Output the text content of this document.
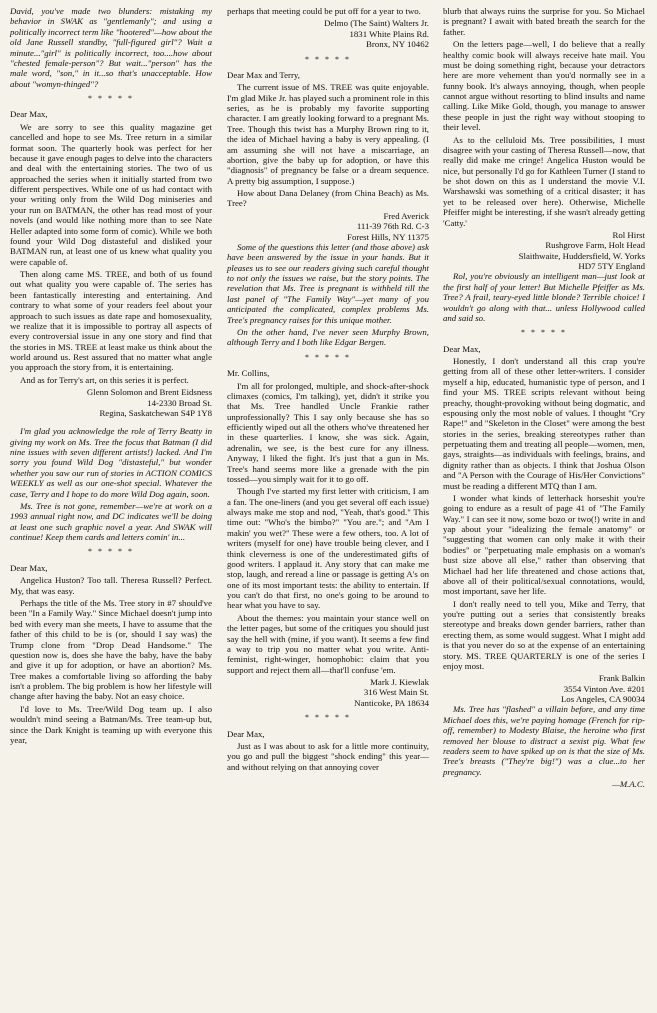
David, you've made two blunders: mistaking my behavior in SWAK as "gentlemanly"; and using a politically incorrect term like "hootered"—how about the old Jane Russell standby, "full-figured girl"? Wait a minute..."girl" is politically incorrect, too....how about "chested female-person"? But wait..."person" has the male word, "son," in it...so that's unacceptable. How about "womyn-thinged"?

* * * * *

Dear Max,

We are sorry to see this quality magazine get cancelled and hope to see Ms. Tree return in a similar format soon. The quarterly book was perfect for her because it gave enough pages to delve into the characters and deal with the entertaining stories. The two of us approached the series when it initially started from two different perspectives. While one of us had contact with your writing only from the Wild Dog miniseries and your run on BATMAN, the other has read most of your novels (and would like nothing more than to see Nate Heller adapted into some form of comic). While we both found your Wild Dog distasteful and disliked your BATMAN run, at least one of us knew what quality you were capable of.

Then along came MS. TREE, and both of us found out what quality you were capable of. The series has been fantastically interesting and entertaining. And contrary to what some of your readers feel about your approach to such issues as date rape and homosexuality, we realize that it is impossible to portray all aspects of every controversial issue in any one story and find that the stories in MS. TREE at least make us think about the world around us. Rest assured that no matter what angle you approach the story from, it is entertaining.

And as for Terry's art, on this series it is perfect.

Glenn Solomon and Brent Eidsness

14-2330 Broad St.

Regina, Saskatchewan S4P 1Y8

I'm glad you acknowledge the role of Terry Beatty in giving my work on Ms. Tree the focus that Batman (I did nine issues with seven different artists!) lacked. And I'm sorry you found Wild Dog "distasteful," but wonder whether you saw our run of stories in ACTION COMICS WEEKLY as well as our one-shot special. Whatever the case, Terry and I hope to do more Wild Dog again, soon.

Ms. Tree is not gone, remember—we're at work on a 1993 annual right now, and DC indicates we'll be doing at least one such graphic novel a year. And SWAK will continue! Keep them cards and letters comin' in...

* * * * *

Dear Max,

Angelica Huston? Too tall. Theresa Russell? Perfect. My, that was easy.

Perhaps the title of the Ms. Tree story in #7 should've been "In a Family Way." Since Michael doesn't jump into bed with every man she meets, I have to assume that the father of this child to be is (or, should I say was) the Trump clone from "Drop Dead Handsome." The question now is, does she have the baby, have the baby and give it up for adoption, or have an abortion? Ms. Tree makes a comfortable living so affording the baby isn't a problem. The big problem is how her lifestyle will change after having the baby. Not an easy choice.

I'd love to Ms. Tree/Wild Dog team up. I also wouldn't mind seeing a Batman/Ms. Tree team-up but, since the Dark Knight is teaming up with everyone this year,

perhaps that meeting could be put off for a year to two.

Delmo (The Saint) Walters Jr.

1831 White Plains Rd.

Bronx, NY 10462

* * * * *

Dear Max and Terry,

The current issue of MS. TREE was quite enjoyable. I'm glad Mike Jr. has played such a prominent role in this series, as he is probably my favorite supporting character. I am greatly looking forward to a pregnant Ms. Tree. Though this twist has a Murphy Brown ring to it, the idea of Michael having a baby is very appealing. (I am assuming she will not have a miscarriage, an abortion, give the baby up for adoption, or have this "diagnosis" of pregnancy be false or a dream sequence. A pretty big assumption, I suppose.)

How about Dana Delaney (from China Beach) as Ms. Tree?

Fred Averick

111-39 76th Rd. C-3

Forest Hills, NY 11375

Some of the questions this letter (and those above) ask have been answered by the issue in your hands. But it pleases us to see our readers giving such careful thought to not only the issues we raise, but the story points. The revelation that Ms. Tree is pregnant is withheld till the last panel of "The Family Way"—yet many of you anticipated the complicated, complex problems Ms. Tree's pregnancy raises for this unique mother.

On the other hand, I've never seen Murphy Brown, although Terry and I both like Edgar Bergen.

* * * * *

Mr. Collins,

I'm all for prolonged, multiple, and shock-after-shock climaxes (comics, I'm talking), yet, didn't it strike you that Ms. Tree handled Uncle Frankie rather unprofessionally? This I say only because she has so efficiently wiped out all the others who've threatened her in these quarterlies. I know, she was sick. Again, adrenalin, we see, is the best cure for any illness. Anyway, I liked the fight. It's just that a gun in Ms. Tree's hand seems more like a grenade with the pin tossed—you simply wait for it to go off.

Though I've started my first letter with criticism, I am a fan. The one-liners (and you get several off each issue) always make me stop and nod, "Yeah, that's good." This time out: "Who's the bimbo?" "You are."; and "Am I makin' you wet?" These were a few others, too. A lot of writers (myself for one) have trouble being clever, and I think cleverness is one of the underestimated gifts of good writers. I applaud it. Any story that can make me stop, laugh, and reread a line or passage is getting A's on one of its most important tests: the ability to entertain. If you can't do that first, no one's going to be around to hear what you have to say.

About the themes: you maintain your stance well on the letter pages, but some of the critiques you should just say the hell with (mine, if you want). It seems a few find a way to trip you no matter what you write. Anti-feminist, right-winger, homophobic: claim that you support and reject them all—that'll confuse 'em.

Mark J. Kiewlak

316 West Main St.

Nanticoke, PA 18634

* * * * *

Dear Max,

Just as I was about to ask for a little more continuity, you go and pull the biggest "shock ending" this year—and without relying on that annoying cover

blurb that always ruins the surprise for you. So Michael is pregnant? I await with bated breath the search for the father.

On the letters page—well, I do believe that a really healthy comic book will always receive hate mail. You must be doing something right, because your detractors here are more vehement than you'd normally see in a funny book. It's always annoying, though, when people cannot argue without resorting to blind insults and name calling. Like Mike Gold, though, you manage to answer these people in just the right way without stooping to their level.

As to the celluloid Ms. Tree possibilities, I must disagree with your casting of Theresa Russell—now, that really did make me cringe! Angelica Huston would be nice, but personally I'd go for Kathleen Turner (I stand to be shot down on this as I understand the movie V.I. Warshawski was something of a critical disaster; it has yet to be released over here). Otherwise, Michelle Pfeiffer might be interesting, if she wasn't already getting 'Catty.'

Rol Hirst

Rushgrove Farm, Holt Head

Slaithwaite, Huddersfield, W. Yorks

HD7 5TY England

Rol, you're obviously an intelligent man—just look at the first half of your letter! But Michelle Pfeiffer as Ms. Tree? A frail, teary-eyed little blonde? Terrible choice! I wouldn't go along with that... unless Hollywood called and said so.

* * * * *

Dear Max,

Honestly, I don't understand all this crap you're getting from all of these other letter-writers. I consider myself a hip, educated, humanistic type of person, and I find your MS. TREE scripts relevant without being preachy, thought-provoking without being dogmatic, and espousing only the most noble of values. I thought "Cry Rape!" and "Skeleton in the Closet" were among the best stories in the series, breaking stereotypes rather than perpetuating them and treating all people—women, men, gays, straights—as individuals with feelings, brains, and dignity rather than as objects. I think that Joshua Olson and "A Person with the Courage of His/Her Convictions" must be reading a different MTQ than I am.

I wonder what kinds of letterhack horseshit you're going to endure as a result of page 41 of "The Family Way." I can see it now, some bozo or two(!) write in and yap about your "idealizing the female anatomy" or "suggesting that women can only make it with their bodies" or "perpetuating male emphasis on a woman's bust size above all else," rather than observing that Michael had her life threatened and chose actions that, above all of their political/sexual connotations, would, most important, save her life.

I don't really need to tell you, Mike and Terry, that you're putting out a series that consistently breaks stereotype and breaks down gender barriers, rather than erecting them, as some would suggest. What I might add is that you never do so at the expense of an entertaining story. MS. TREE QUARTERLY is one of the series I enjoy most.

Frank Balkin

3554 Vinton Ave. #201

Los Angeles, CA 90034

Ms. Tree has "flashed" a villain before, and any time Michael does this, we're paying homage (French for rip-off, remember) to Modesty Blaise, the heroine who first removed her blouse to distract a sexist pig. What few readers seem to have spiked up on is that the size of Ms. Tree's breasts ("They're big!") was a clue...to her pregnancy.

—M.A.C.
